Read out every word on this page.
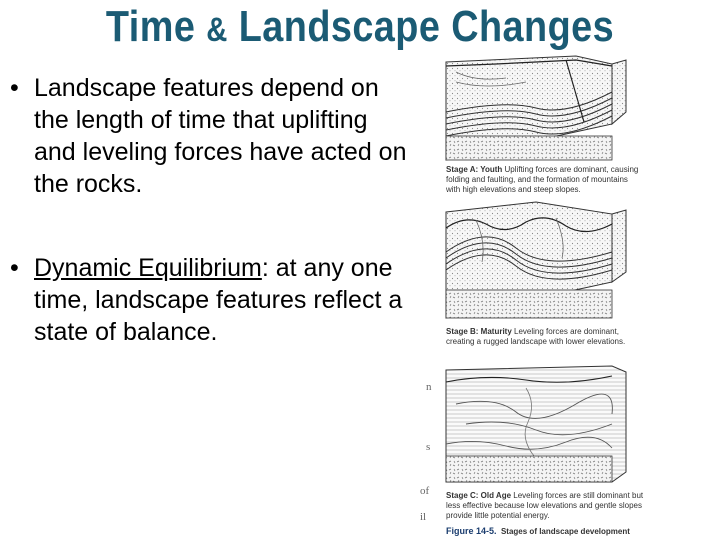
Time & Landscape Changes
• Landscape features depend on the length of time that uplifting and leveling forces have acted on the rocks.
• Dynamic Equilibrium: at any one time, landscape features reflect a state of balance.
Stage A: Youth Uplifting forces are dominant, causing
folding and faulting, and the formation of mountains
with high elevations and steep slopes.
Stage B: Maturity Leveling forces are dominant,
creating a rugged landscape with lower elevations.
Stage C: Old Age Leveling forces are still dominant but
less effective because low elevations and gentle slopes
provide little potential energy.
Figure 14-5. Stages of landscape development
n
s
of
il
